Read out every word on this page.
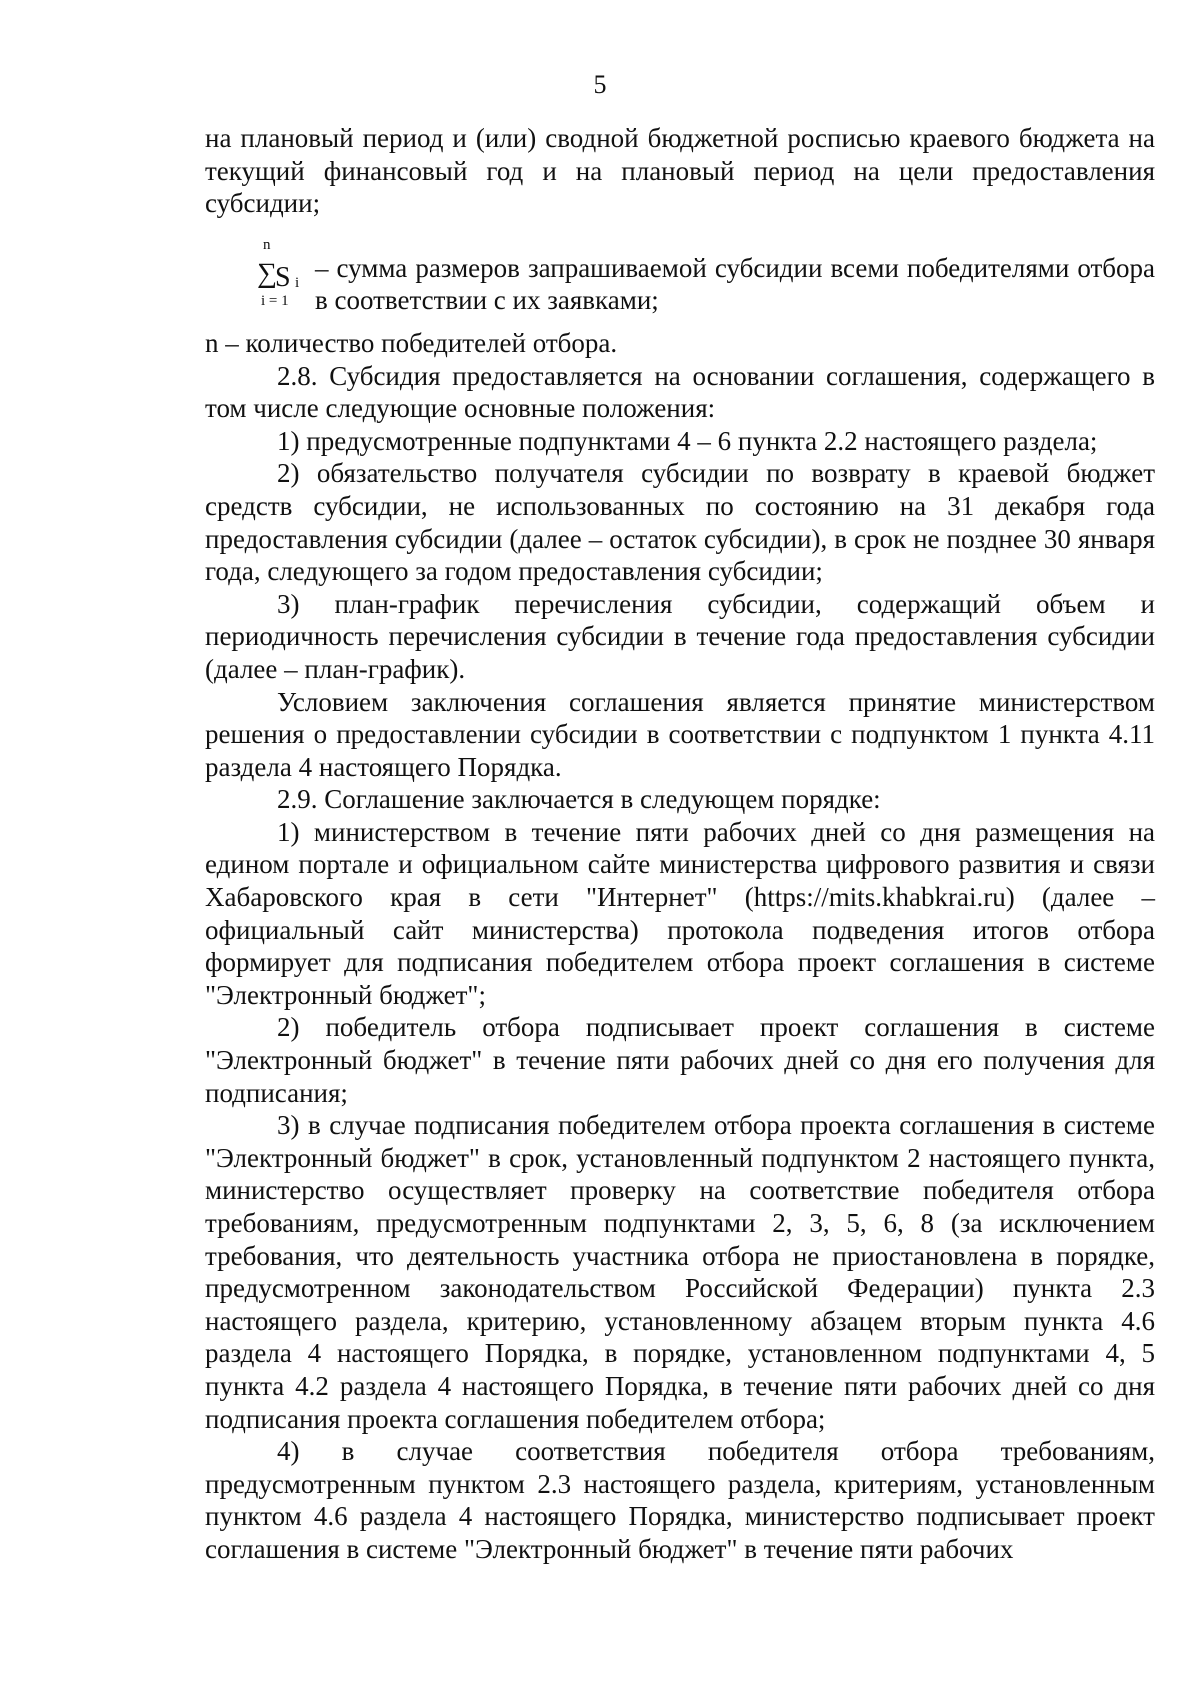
5

на плановый период и (или) сводной бюджетной росписью краевого бюджета на текущий финансовый год и на плановый период на цели предоставления субсидии;

n
∑
S i
i = 1
– сумма размеров запрашиваемой субсидии всеми победителями отбора в соответствии с их заявками;

n – количество победителей отбора.

2.8. Субсидия предоставляется на основании соглашения, содержащего в том числе следующие основные положения:

1) предусмотренные подпунктами 4 – 6 пункта 2.2 настоящего раздела;

2) обязательство получателя субсидии по возврату в краевой бюджет средств субсидии, не использованных по состоянию на 31 декабря года предоставления субсидии (далее – остаток субсидии), в срок не позднее 30 января года, следующего за годом предоставления субсидии;

3) план-график перечисления субсидии, содержащий объем и периодичность перечисления субсидии в течение года предоставления субсидии (далее – план-график).

Условием заключения соглашения является принятие министерством решения о предоставлении субсидии в соответствии с подпунктом 1 пункта 4.11 раздела 4 настоящего Порядка.

2.9. Соглашение заключается в следующем порядке:

1) министерством в течение пяти рабочих дней со дня размещения на едином портале и официальном сайте министерства цифрового развития и связи Хабаровского края в сети "Интернет" (https://mits.khabkrai.ru) (далее – официальный сайт министерства) протокола подведения итогов отбора формирует для подписания победителем отбора проект соглашения в системе "Электронный бюджет";

2) победитель отбора подписывает проект соглашения в системе "Электронный бюджет" в течение пяти рабочих дней со дня его получения для подписания;

3) в случае подписания победителем отбора проекта соглашения в системе "Электронный бюджет" в срок, установленный подпунктом 2 настоящего пункта, министерство осуществляет проверку на соответствие победителя отбора требованиям, предусмотренным подпунктами 2, 3, 5, 6, 8 (за исключением требования, что деятельность участника отбора не приостановлена в порядке, предусмотренном законодательством Российской Федерации) пункта 2.3 настоящего раздела, критерию, установленному абзацем вторым пункта 4.6 раздела 4 настоящего Порядка, в порядке, установленном подпунктами 4, 5 пункта 4.2 раздела 4 настоящего Порядка, в течение пяти рабочих дней со дня подписания проекта соглашения победителем отбора;

4) в случае соответствия победителя отбора требованиям, предусмотренным пунктом 2.3 настоящего раздела, критериям, установленным пунктом 4.6 раздела 4 настоящего Порядка, министерство подписывает проект соглашения в системе "Электронный бюджет" в течение пяти рабочих
